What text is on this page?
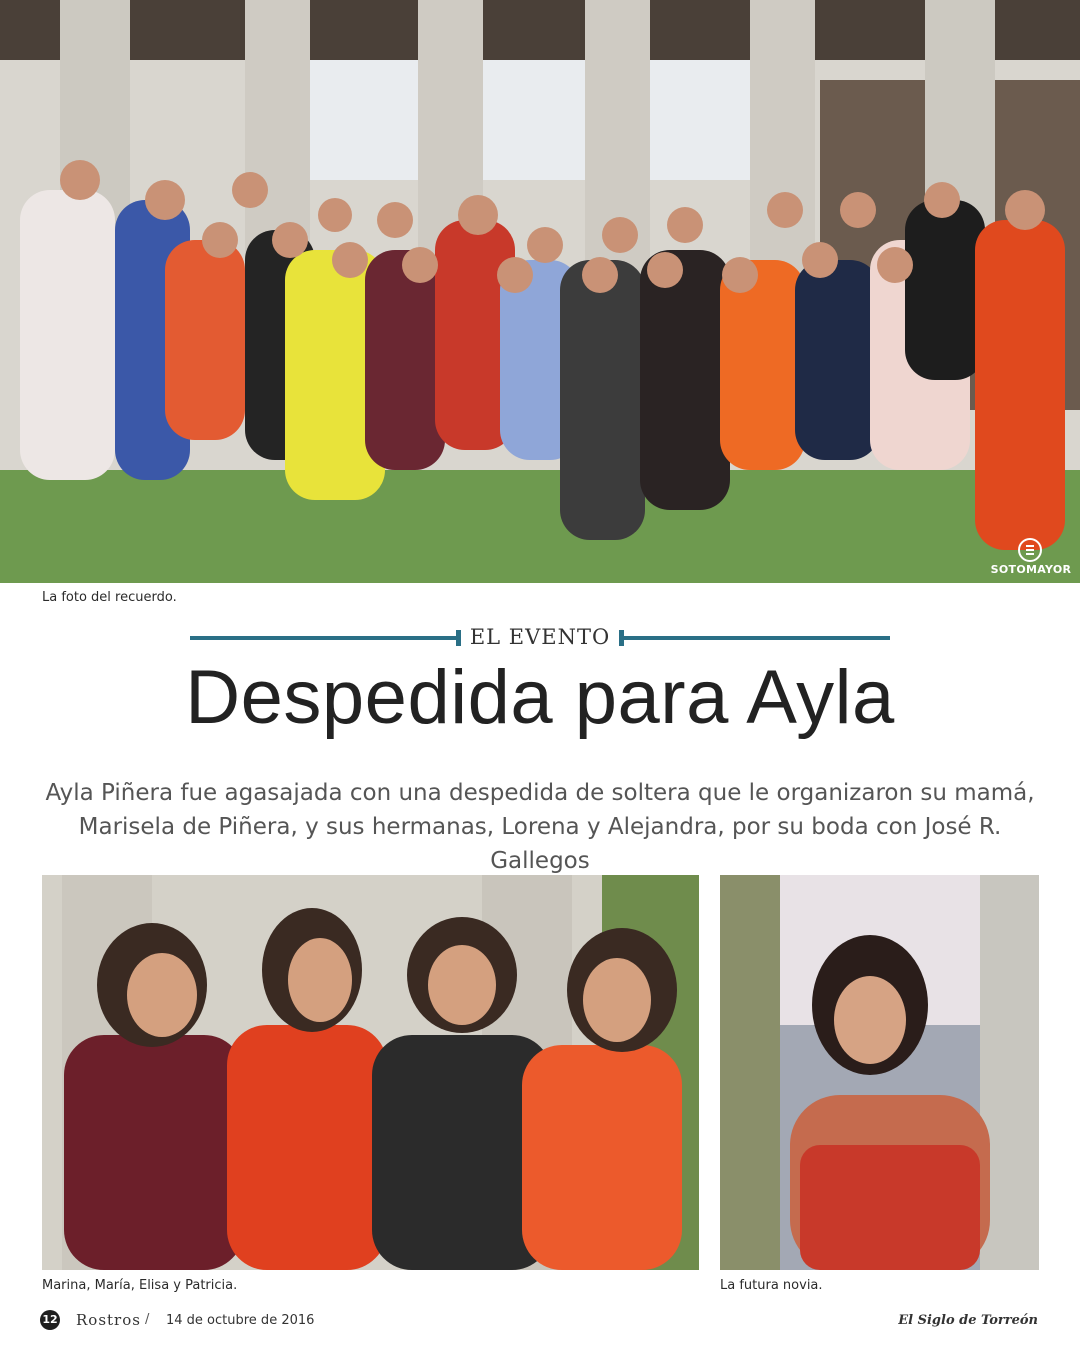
SOTOMAYOR
La foto del recuerdo.
EL EVENTO
Despedida para Ayla
Ayla Piñera fue agasajada con una despedida de soltera que le organizaron su mamá, Marisela de Piñera, y sus hermanas, Lorena y Alejandra, por su boda con José R. Gallegos
Marina, María, Elisa y Patricia.	La futura novia.
12 Rostros / 14 de octubre de 2016	El Siglo de Torreón
